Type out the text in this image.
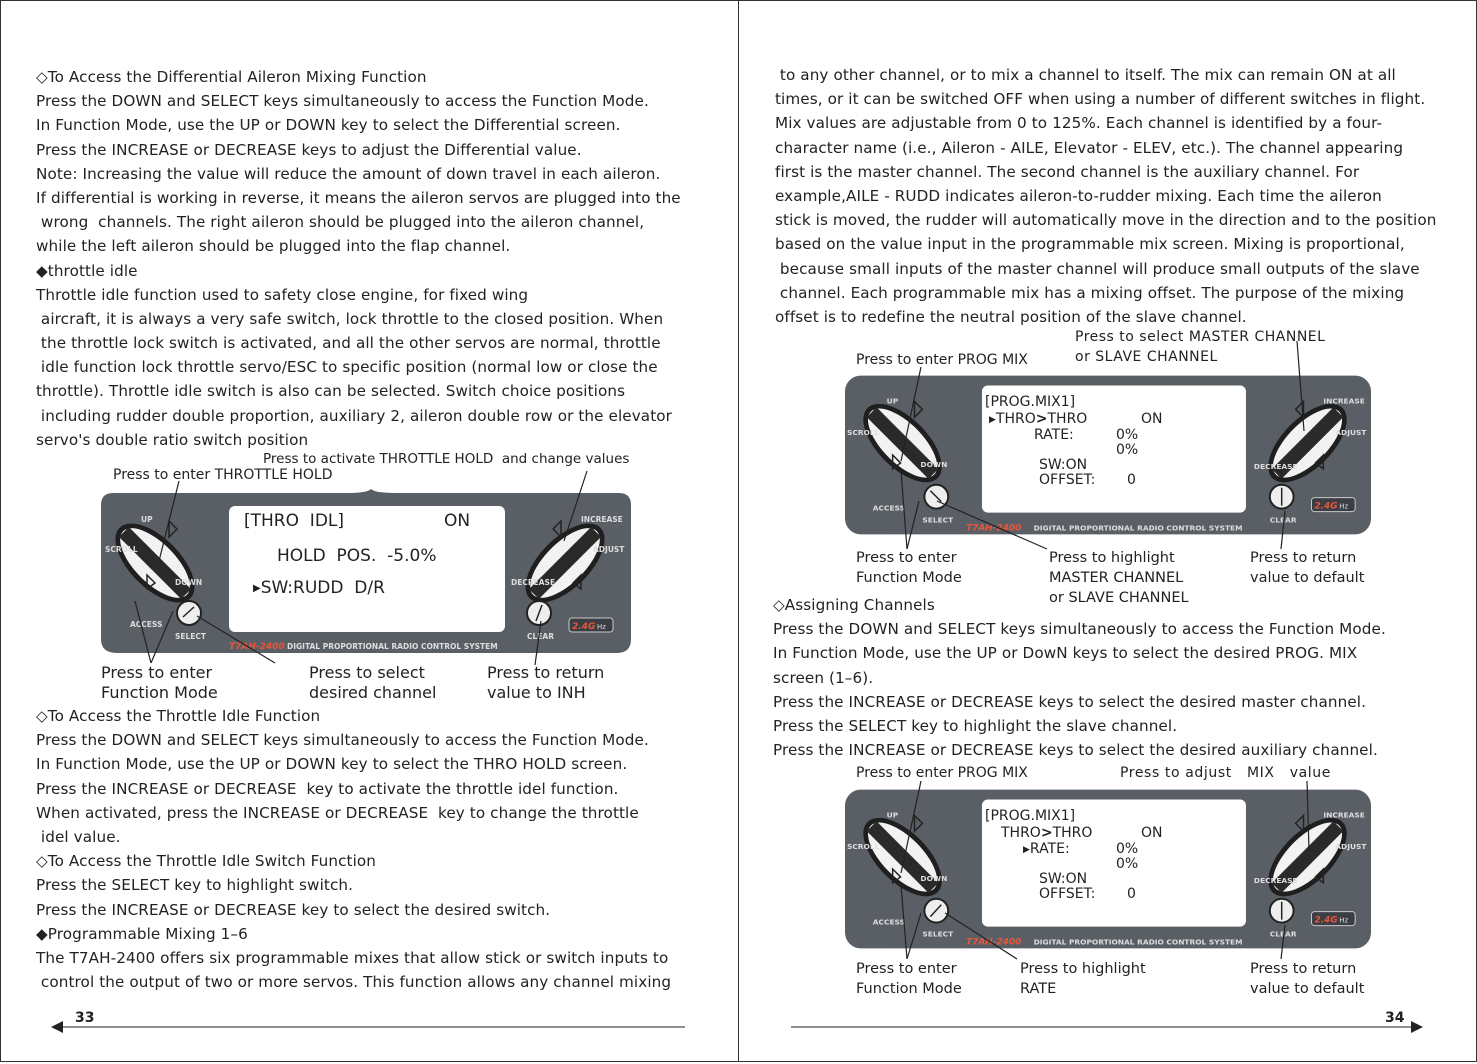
◇To Access the Differential Aileron Mixing Function
Press the DOWN and SELECT keys simultaneously to access the Function Mode.
In Function Mode, use the UP or DOWN key to select the Differential screen.
Press the INCREASE or DECREASE keys to adjust the Differential value.
Note: Increasing the value will reduce the amount of down travel in each aileron.
If differential is working in reverse, it means the aileron servos are plugged into the
wrong  channels. The right aileron should be plugged into the aileron channel,
while the left aileron should be plugged into the flap channel.
◆throttle idle
Throttle idle function used to safety close engine, for fixed wing
aircraft, it is always a very safe switch, lock throttle to the closed position. When
the throttle lock switch is activated, and all the other servos are normal, throttle
idle function lock throttle servo/ESC to specific position (normal low or close the
throttle). Throttle idle switch is also can be selected. Switch choice positions
including rudder double proportion, auxiliary 2, aileron double row or the elevator
servo's double ratio switch position
Press to activate THROTTLE HOLD  and change values
Press to enter THROTTLE HOLD
UP
SCROLL
DOWN
ACCESS
SELECT
INCREASE
ADJUST
DECREASE
CLEAR
DIGITAL PROPORTIONAL RADIO CONTROL SYSTEM
T7AH-2400
2.4G Hz
[THRO  IDL]	ON
HOLD  POS.  -5.0%
▶SW:RUDD  D/R
Press to enter
Function Mode
Press to select
desired channel
Press to return
value to INH
◇To Access the Throttle Idle Function
Press the DOWN and SELECT keys simultaneously to access the Function Mode.
In Function Mode, use the UP or DOWN key to select the THRO HOLD screen.
Press the INCREASE or DECREASE  key to activate the throttle idel function.
When activated, press the INCREASE or DECREASE  key to change the throttle
idel value.
◇To Access the Throttle Idle Switch Function
Press the SELECT key to highlight switch.
Press the INCREASE or DECREASE key to select the desired switch.
◆Programmable Mixing 1–6
The T7AH-2400 offers six programmable mixes that allow stick or switch inputs to
control the output of two or more servos. This function allows any channel mixing
33
to any other channel, or to mix a channel to itself. The mix can remain ON at all
times, or it can be switched OFF when using a number of different switches in flight.
Mix values are adjustable from 0 to 125%. Each channel is identified by a four-
character name (i.e., Aileron - AILE, Elevator - ELEV, etc.). The channel appearing
first is the master channel. The second channel is the auxiliary channel. For
example,AILE - RUDD indicates aileron-to-rudder mixing. Each time the aileron
stick is moved, the rudder will automatically move in the direction and to the position
based on the value input in the programmable mix screen. Mixing is proportional,
because small inputs of the master channel will produce small outputs of the slave
channel. Each programmable mix has a mixing offset. The purpose of the mixing
offset is to redefine the neutral position of the slave channel.
Press to select MASTER CHANNEL
or SLAVE CHANNEL
Press to enter PROG MIX
UP
SCROLL
DOWN
ACCESS
SELECT
INCREASE
ADJUST
DECREASE
CLEAR
DIGITAL PROPORTIONAL RADIO CONTROL SYSTEM
T7AH-2400
2.4G Hz
[PROG.MIX1]
▶THRO>THRO	ON
RATE:	0%
0%
SW:ON
OFFSET: 0
Press to enter
Function Mode
Press to highlight
MASTER CHANNEL
or SLAVE CHANNEL
Press to return
value to default
◇Assigning Channels
Press the DOWN and SELECT keys simultaneously to access the Function Mode.
In Function Mode, use the UP or DowN keys to select the desired PROG. MIX
screen (1–6).
Press the INCREASE or DECREASE keys to select the desired master channel.
Press the SELECT key to highlight the slave channel.
Press the INCREASE or DECREASE keys to select the desired auxiliary channel.
Press to enter PROG MIX	Press to adjust   MIX   value
UP
SCROLL
DOWN
ACCESS
SELECT
INCREASE
ADJUST
DECREASE
CLEAR
DIGITAL PROPORTIONAL RADIO CONTROL SYSTEM
T7AH-2400
2.4G Hz
[PROG.MIX1]
THRO>THRO	ON
▶RATE:	0%
0%
SW:ON
OFFSET: 0
Press to enter
Function Mode
Press to highlight
RATE
Press to return
value to default
34
